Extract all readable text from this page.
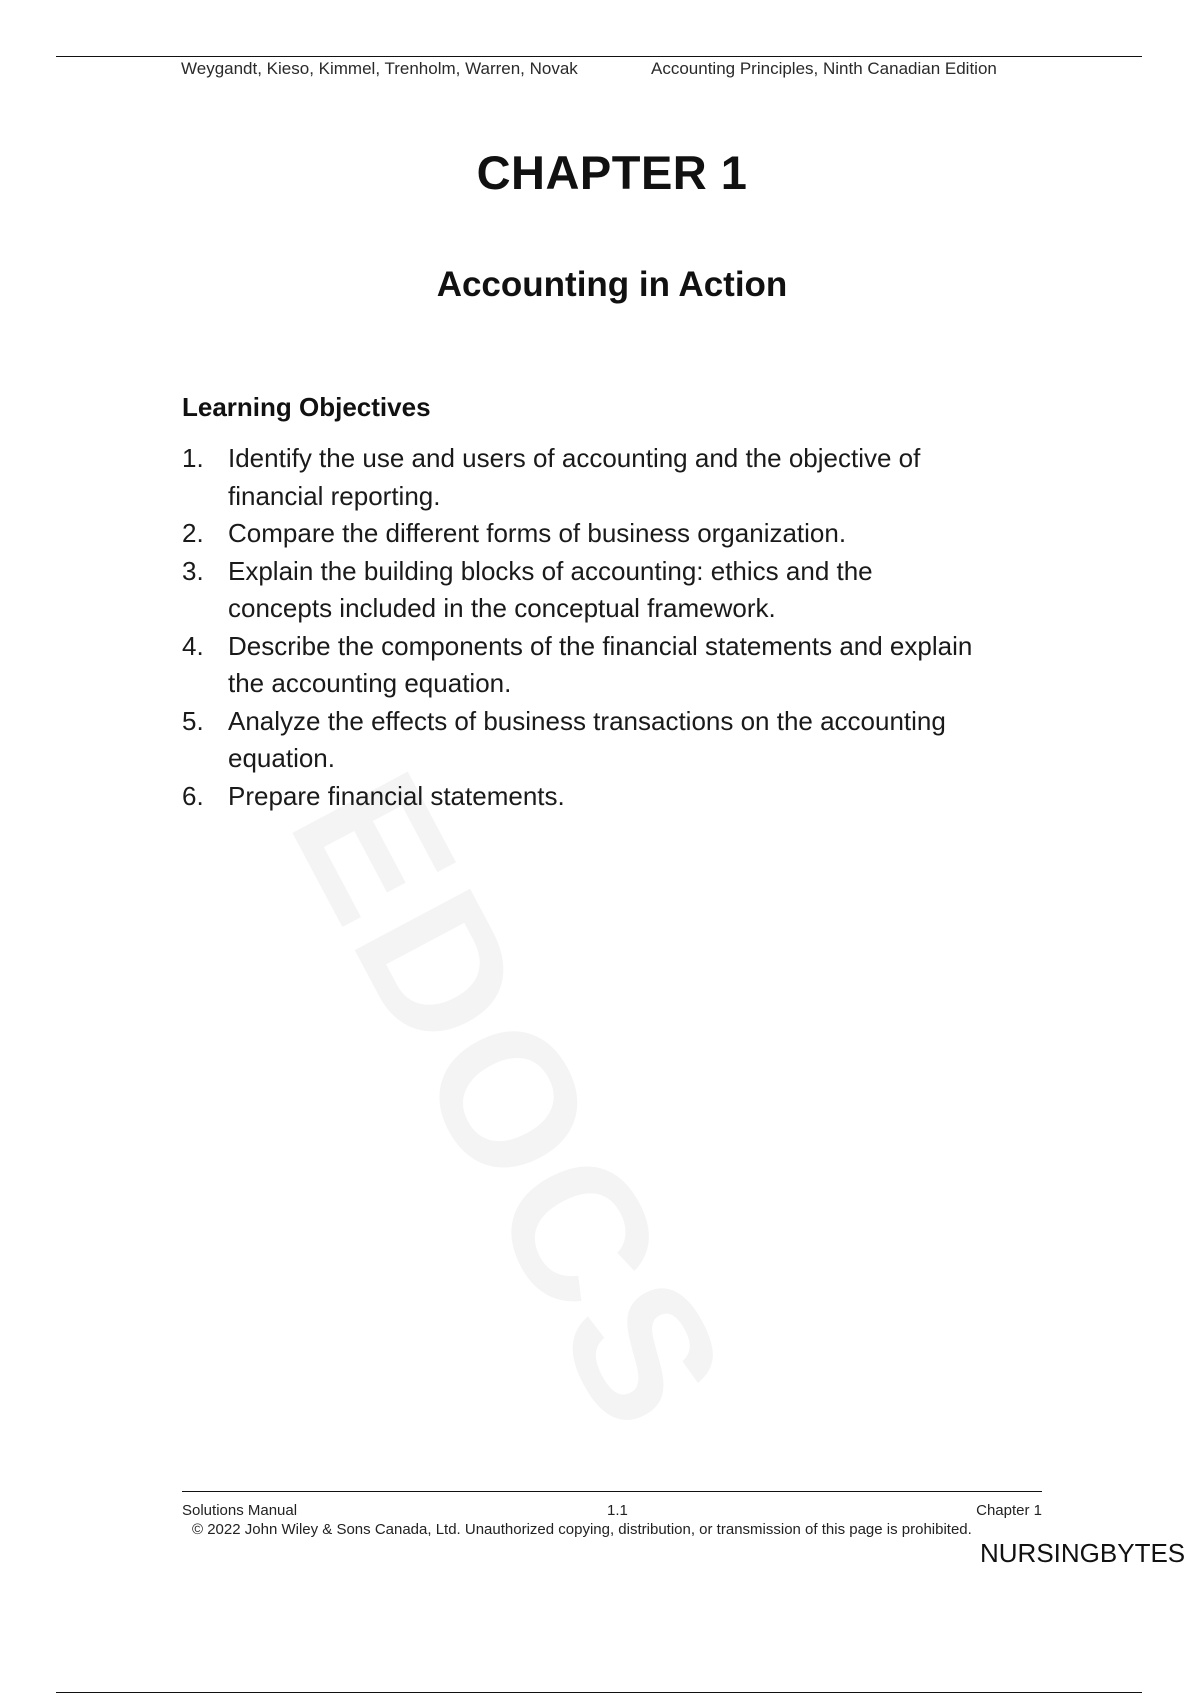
Weygandt, Kieso, Kimmel, Trenholm, Warren, Novak	Accounting Principles, Ninth Canadian Edition
CHAPTER 1
Accounting in Action
Learning Objectives
1. Identify the use and users of accounting and the objective of financial reporting.
2. Compare the different forms of business organization.
3. Explain the building blocks of accounting: ethics and the concepts included in the conceptual framework.
4. Describe the components of the financial statements and explain the accounting equation.
5. Analyze the effects of business transactions on the accounting equation.
6. Prepare financial statements.
Solutions Manual	1.1	Chapter 1
© 2022 John Wiley & Sons Canada, Ltd. Unauthorized copying, distribution, or transmission of this page is prohibited.
NURSINGBYTES
